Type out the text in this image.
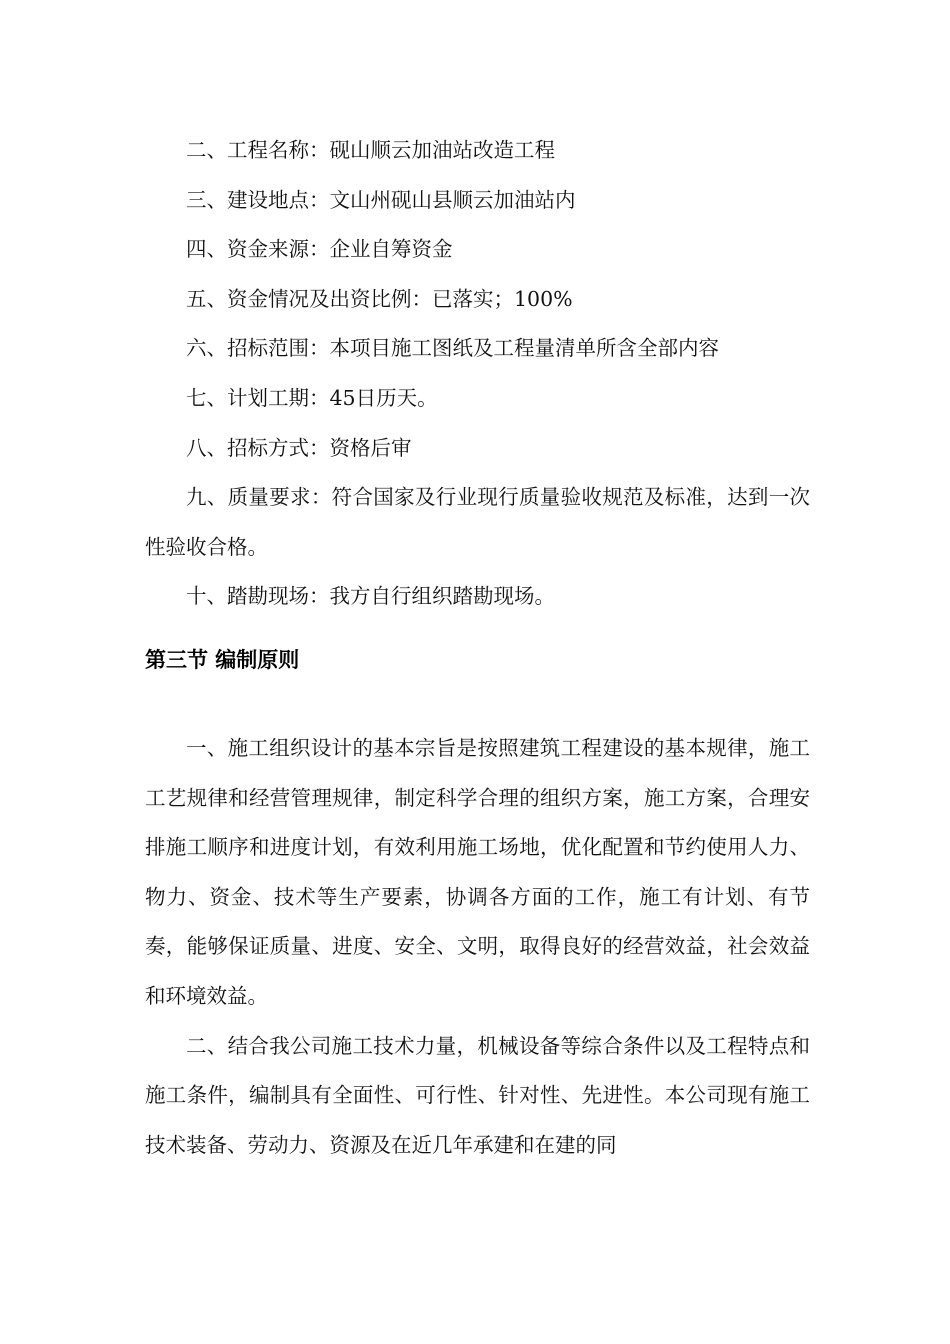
二、工程名称：砚山顺云加油站改造工程

三、建设地点：文山州砚山县顺云加油站内

四、资金来源：企业自筹资金

五、资金情况及出资比例：已落实；100%

六、招标范围：本项目施工图纸及工程量清单所含全部内容

七、计划工期：45日历天。

八、招标方式：资格后审

九、质量要求：符合国家及行业现行质量验收规范及标准，达到一次性验收合格。

十、踏勘现场：我方自行组织踏勘现场。

第三节 编制原则

一、施工组织设计的基本宗旨是按照建筑工程建设的基本规律，施工工艺规律和经营管理规律，制定科学合理的组织方案，施工方案，合理安排施工顺序和进度计划，有效利用施工场地，优化配置和节约使用人力、物力、资金、技术等生产要素，协调各方面的工作，施工有计划、有节奏，能够保证质量、进度、安全、文明，取得良好的经营效益，社会效益和环境效益。

二、结合我公司施工技术力量，机械设备等综合条件以及工程特点和施工条件，编制具有全面性、可行性、针对性、先进性。本公司现有施工技术装备、劳动力、资源及在近几年承建和在建的同
